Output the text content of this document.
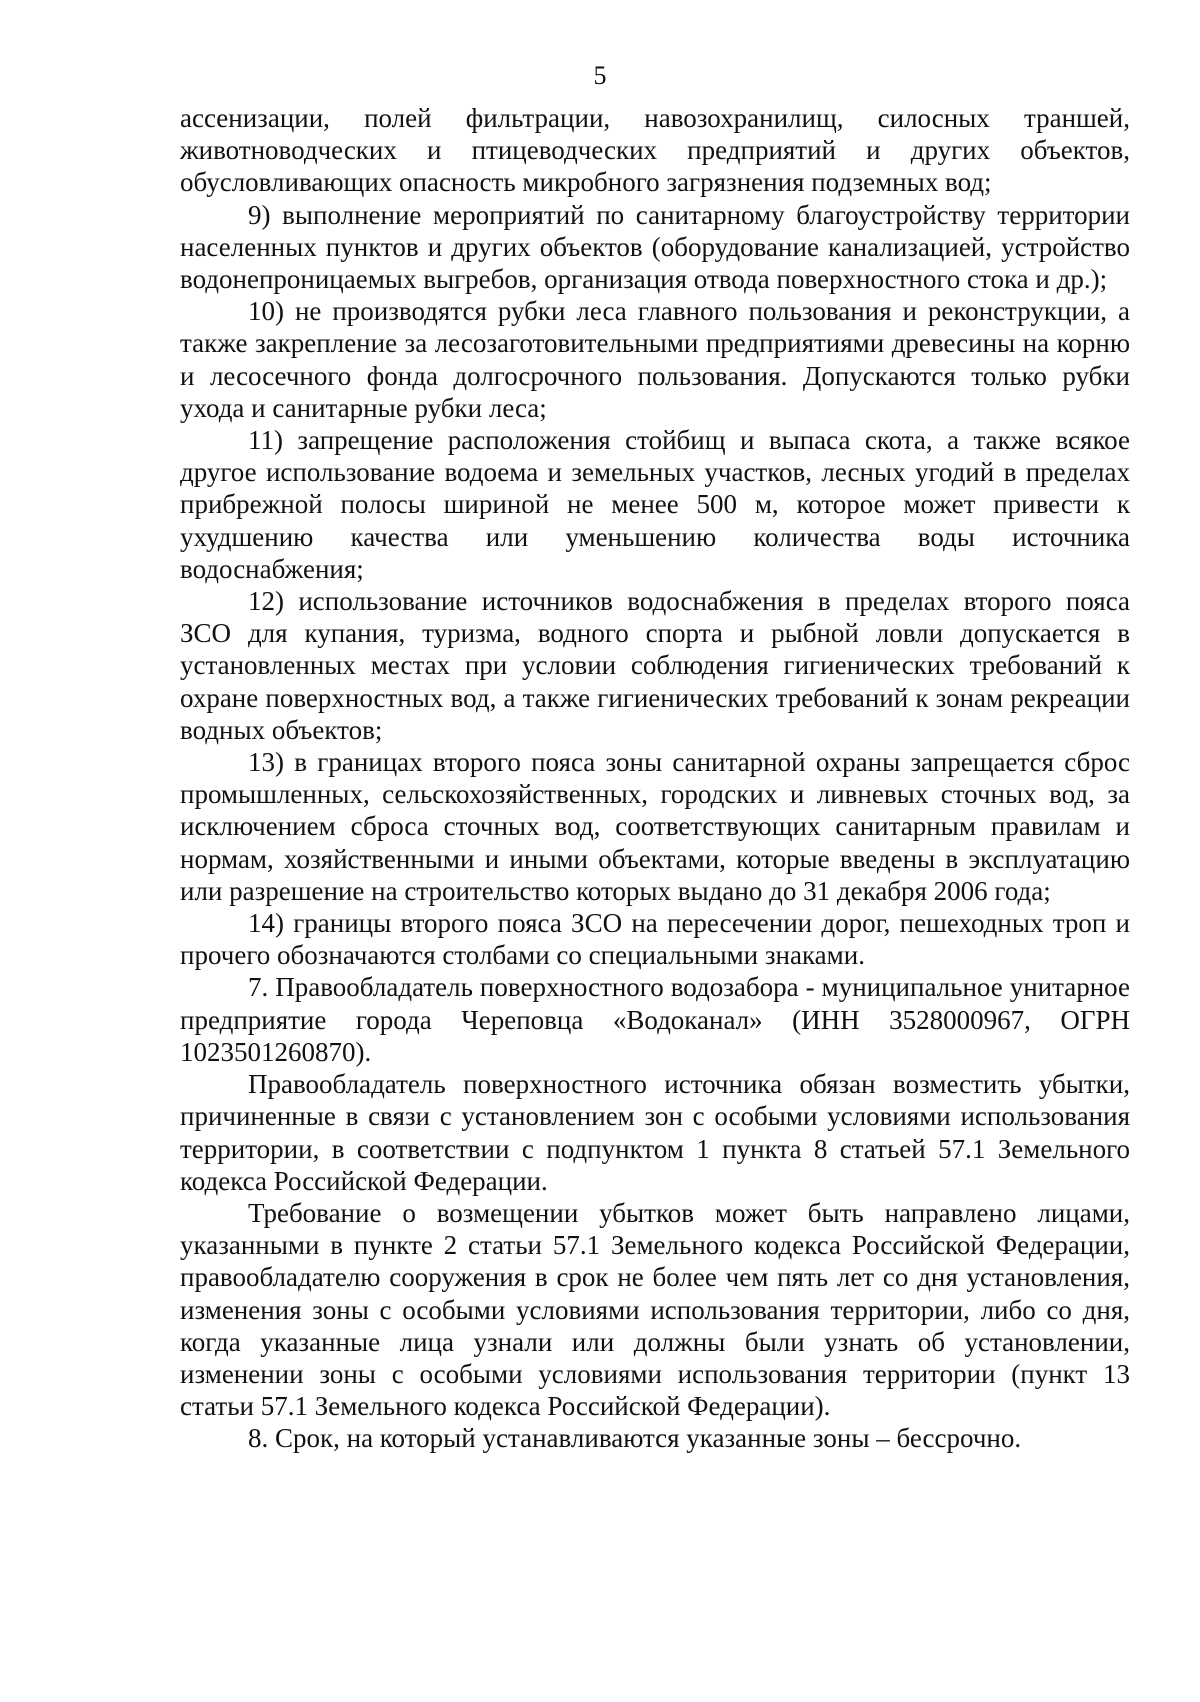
5

ассенизации, полей фильтрации, навозохранилищ, силосных траншей, животноводческих и птицеводческих предприятий и других объектов, обусловливающих опасность микробного загрязнения подземных вод;

9) выполнение мероприятий по санитарному благоустройству территории населенных пунктов и других объектов (оборудование канализацией, устройство водонепроницаемых выгребов, организация отвода поверхностного стока и др.);

10) не производятся рубки леса главного пользования и реконструкции, а также закрепление за лесозаготовительными предприятиями древесины на корню и лесосечного фонда долгосрочного пользования. Допускаются только рубки ухода и санитарные рубки леса;

11) запрещение расположения стойбищ и выпаса скота, а также всякое другое использование водоема и земельных участков, лесных угодий в пределах прибрежной полосы шириной не менее 500 м, которое может привести к ухудшению качества или уменьшению количества воды источника водоснабжения;

12) использование источников водоснабжения в пределах второго пояса ЗСО для купания, туризма, водного спорта и рыбной ловли допускается в установленных местах при условии соблюдения гигиенических требований к охране поверхностных вод, а также гигиенических требований к зонам рекреации водных объектов;

13) в границах второго пояса зоны санитарной охраны запрещается сброс промышленных, сельскохозяйственных, городских и ливневых сточных вод, за исключением сброса сточных вод, соответствующих санитарным правилам и нормам, хозяйственными и иными объектами, которые введены в эксплуатацию или разрешение на строительство которых выдано до 31 декабря 2006 года;

14) границы второго пояса ЗСО на пересечении дорог, пешеходных троп и прочего обозначаются столбами со специальными знаками.

7. Правообладатель поверхностного водозабора - муниципальное унитарное предприятие города Череповца «Водоканал» (ИНН 3528000967, ОГРН 1023501260870).

Правообладатель поверхностного источника обязан возместить убытки, причиненные в связи с установлением зон с особыми условиями использования территории, в соответствии с подпунктом 1 пункта 8 статьей 57.1 Земельного кодекса Российской Федерации.

Требование о возмещении убытков может быть направлено лицами, указанными в пункте 2 статьи 57.1 Земельного кодекса Российской Федерации, правообладателю сооружения в срок не более чем пять лет со дня установления, изменения зоны с особыми условиями использования территории, либо со дня, когда указанные лица узнали или должны были узнать об установлении, изменении зоны с особыми условиями использования территории (пункт 13 статьи 57.1 Земельного кодекса Российской Федерации).

8. Срок, на который устанавливаются указанные зоны – бессрочно.
